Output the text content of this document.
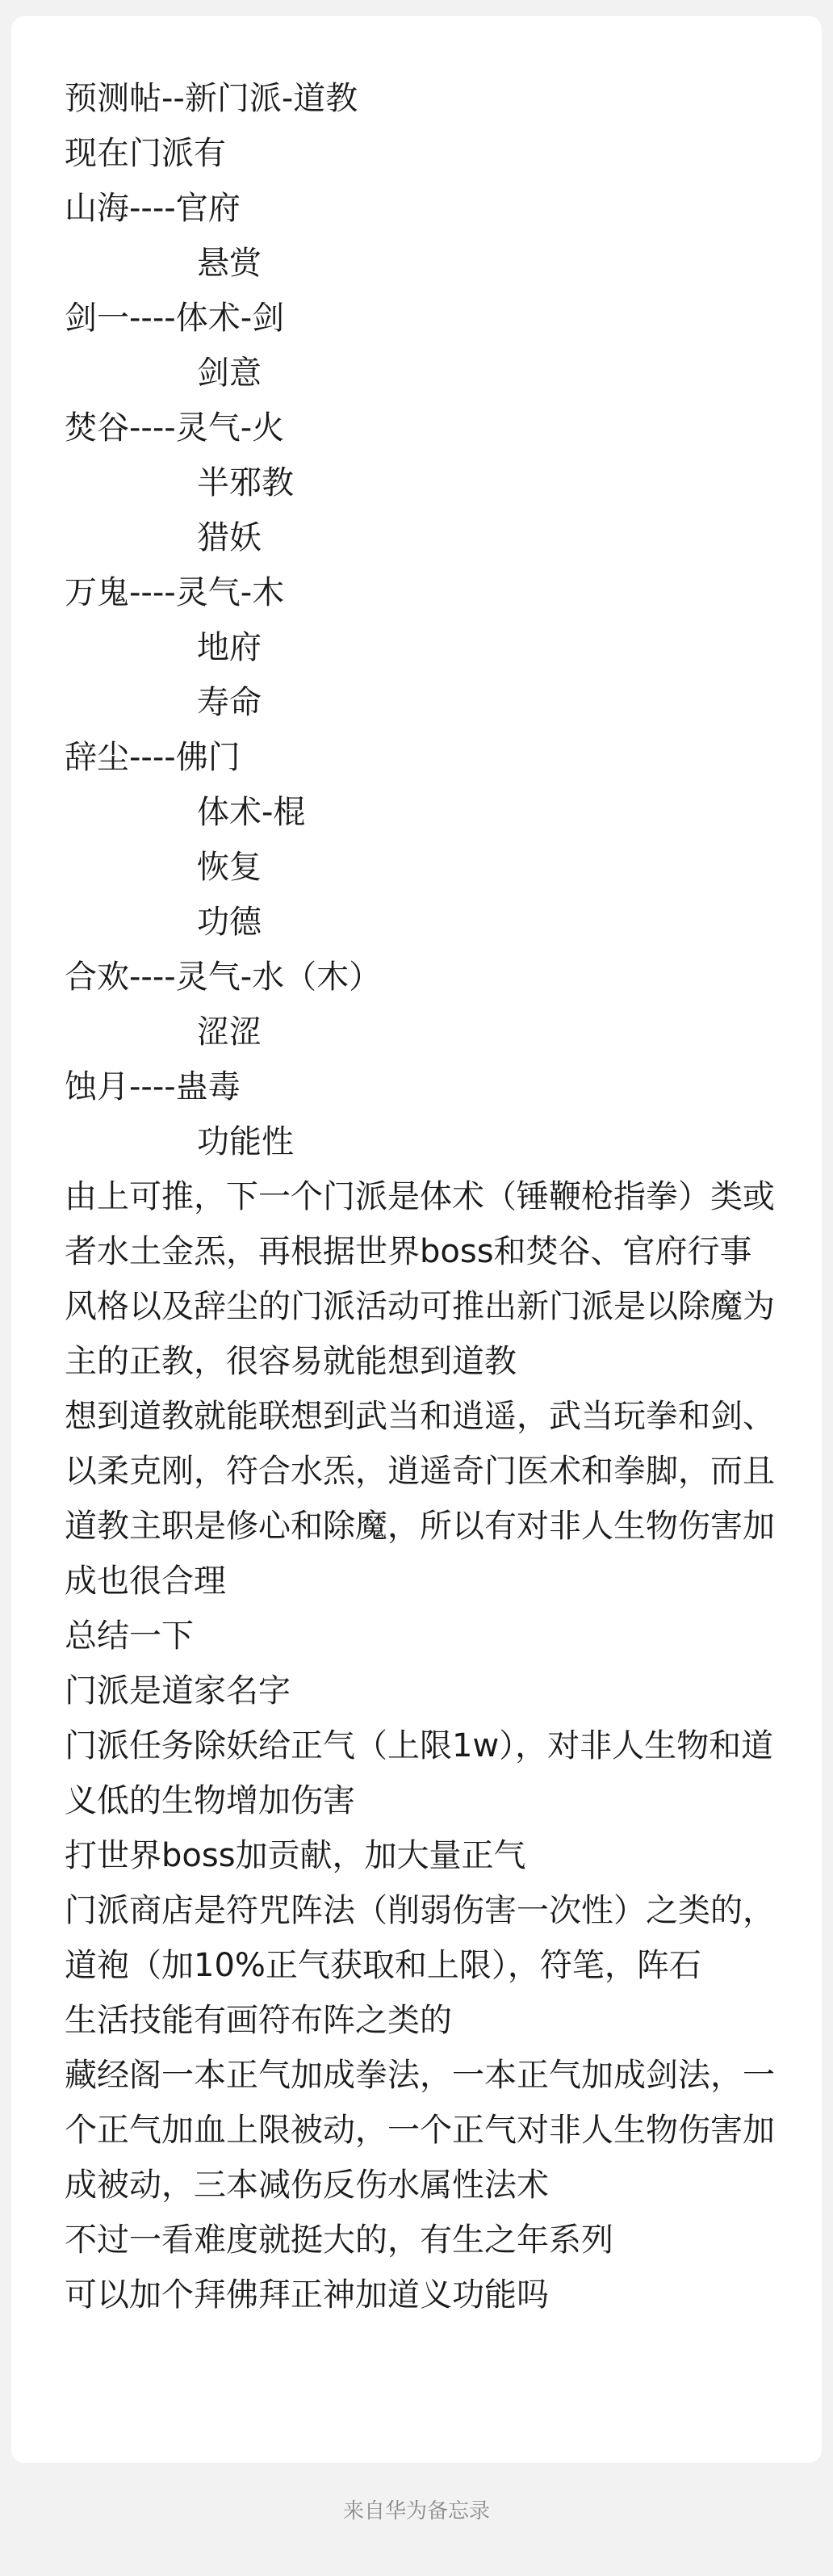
预测帖--新门派-道教

现在门派有

山海----官府

悬赏

剑一----体术-剑

剑意

焚谷----灵气-火

半邪教

猎妖

万鬼----灵气-木

地府

寿命

辞尘----佛门

体术-棍

恢复

功德

合欢----灵气-水（木）

涩涩

蚀月----蛊毒

功能性

由上可推，下一个门派是体术（锤鞭枪指拳）类或者水土金炁，再根据世界boss和焚谷、官府行事风格以及辞尘的门派活动可推出新门派是以除魔为主的正教，很容易就能想到道教

想到道教就能联想到武当和逍遥，武当玩拳和剑、以柔克刚，符合水炁，逍遥奇门医术和拳脚，而且道教主职是修心和除魔，所以有对非人生物伤害加成也很合理

总结一下

门派是道家名字

门派任务除妖给正气（上限1w），对非人生物和道义低的生物增加伤害

打世界boss加贡献，加大量正气

门派商店是符咒阵法（削弱伤害一次性）之类的，道袍（加10%正气获取和上限），符笔，阵石

生活技能有画符布阵之类的

藏经阁一本正气加成拳法，一本正气加成剑法，一个正气加血上限被动，一个正气对非人生物伤害加成被动，三本减伤反伤水属性法术

不过一看难度就挺大的，有生之年系列

可以加个拜佛拜正神加道义功能吗

来自华为备忘录
